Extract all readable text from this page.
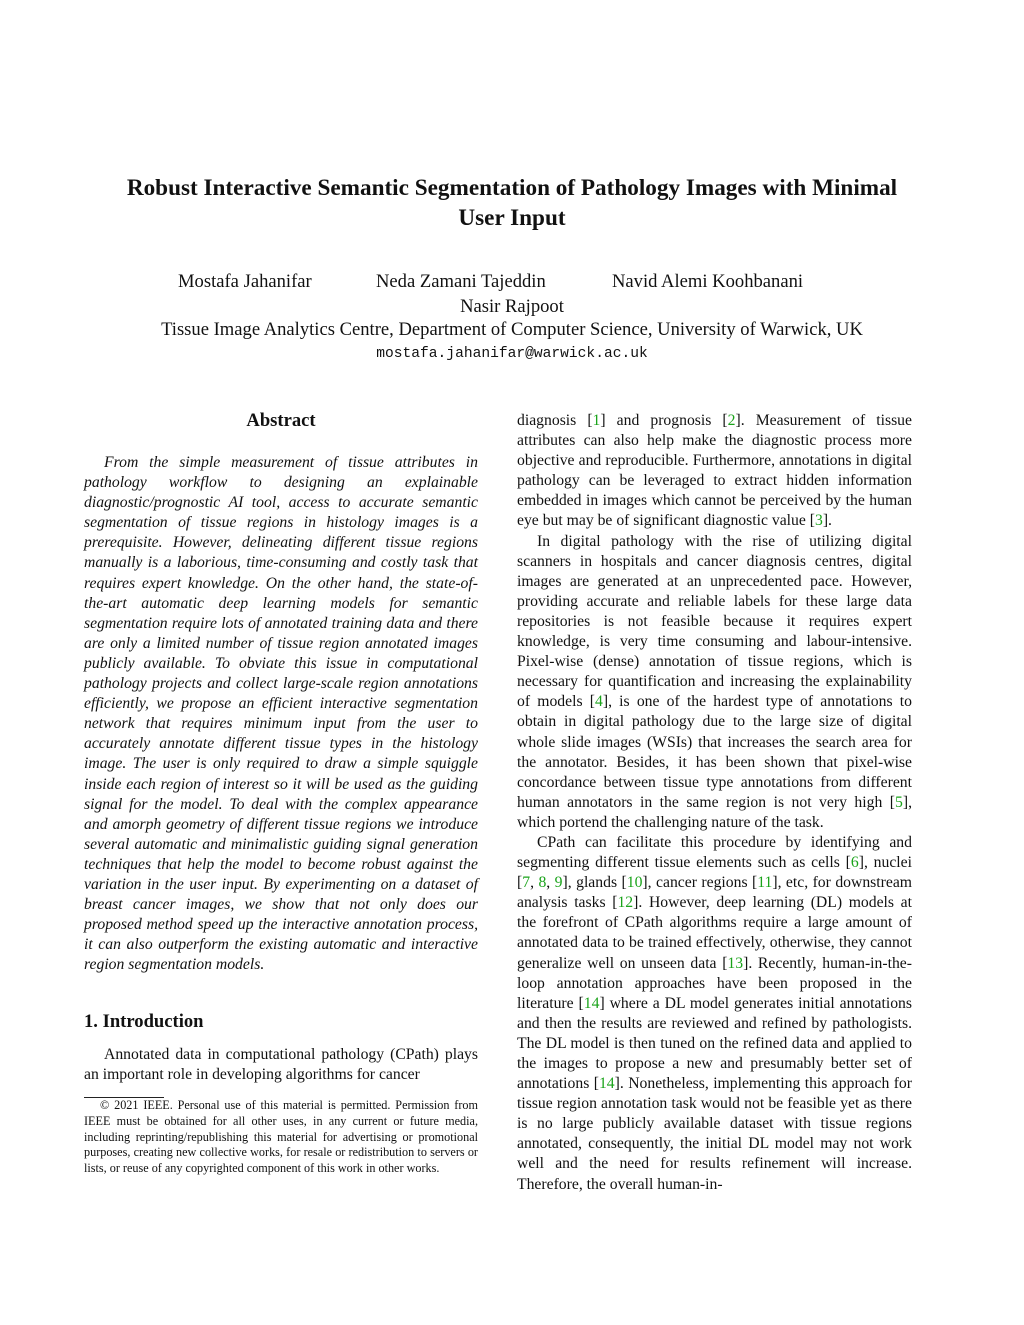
Robust Interactive Semantic Segmentation of Pathology Images with Minimal
User Input
Mostafa Jahanifar	Neda Zamani Tajeddin	Navid Alemi Koohbanani
Nasir Rajpoot
Tissue Image Analytics Centre, Department of Computer Science, University of Warwick, UK
mostafa.jahanifar@warwick.ac.uk
Abstract

From the simple measurement of tissue attributes in pathology workflow to designing an explainable diagnostic/prognostic AI tool, access to accurate semantic segmentation of tissue regions in histology images is a prerequisite. However, delineating different tissue regions manually is a laborious, time-consuming and costly task that requires expert knowledge. On the other hand, the state-of-the-art automatic deep learning models for semantic segmentation require lots of annotated training data and there are only a limited number of tissue region annotated images publicly available. To obviate this issue in computational pathology projects and collect large-scale region annotations efficiently, we propose an efficient interactive segmentation network that requires minimum input from the user to accurately annotate different tissue types in the histology image. The user is only required to draw a simple squiggle inside each region of interest so it will be used as the guiding signal for the model. To deal with the complex appearance and amorph geometry of different tissue regions we introduce several automatic and minimalistic guiding signal generation techniques that help the model to become robust against the variation in the user input. By experimenting on a dataset of breast cancer images, we show that not only does our proposed method speed up the interactive annotation process, it can also outperform the existing automatic and interactive region segmentation models.

1. Introduction

Annotated data in computational pathology (CPath) plays an important role in developing algorithms for cancer

© 2021 IEEE. Personal use of this material is permitted. Permission from IEEE must be obtained for all other uses, in any current or future media, including reprinting/republishing this material for advertising or promotional purposes, creating new collective works, for resale or redistribution to servers or lists, or reuse of any copyrighted component of this work in other works.

diagnosis [1] and prognosis [2]. Measurement of tissue attributes can also help make the diagnostic process more objective and reproducible. Furthermore, annotations in digital pathology can be leveraged to extract hidden information embedded in images which cannot be perceived by the human eye but may be of significant diagnostic value [3].

In digital pathology with the rise of utilizing digital scanners in hospitals and cancer diagnosis centres, digital images are generated at an unprecedented pace. However, providing accurate and reliable labels for these large data repositories is not feasible because it requires expert knowledge, is very time consuming and labour-intensive. Pixel-wise (dense) annotation of tissue regions, which is necessary for quantification and increasing the explainability of models [4], is one of the hardest type of annotations to obtain in digital pathology due to the large size of digital whole slide images (WSIs) that increases the search area for the annotator. Besides, it has been shown that pixel-wise concordance between tissue type annotations from different human annotators in the same region is not very high [5], which portend the challenging nature of the task.

CPath can facilitate this procedure by identifying and segmenting different tissue elements such as cells [6], nuclei [7, 8, 9], glands [10], cancer regions [11], etc, for downstream analysis tasks [12]. However, deep learning (DL) models at the forefront of CPath algorithms require a large amount of annotated data to be trained effectively, otherwise, they cannot generalize well on unseen data [13]. Recently, human-in-the-loop annotation approaches have been proposed in the literature [14] where a DL model generates initial annotations and then the results are reviewed and refined by pathologists. The DL model is then tuned on the refined data and applied to the images to propose a new and presumably better set of annotations [14]. Nonetheless, implementing this approach for tissue region annotation task would not be feasible yet as there is no large publicly available dataset with tissue regions annotated, consequently, the initial DL model may not work well and the need for results refinement will increase. Therefore, the overall human-in-
